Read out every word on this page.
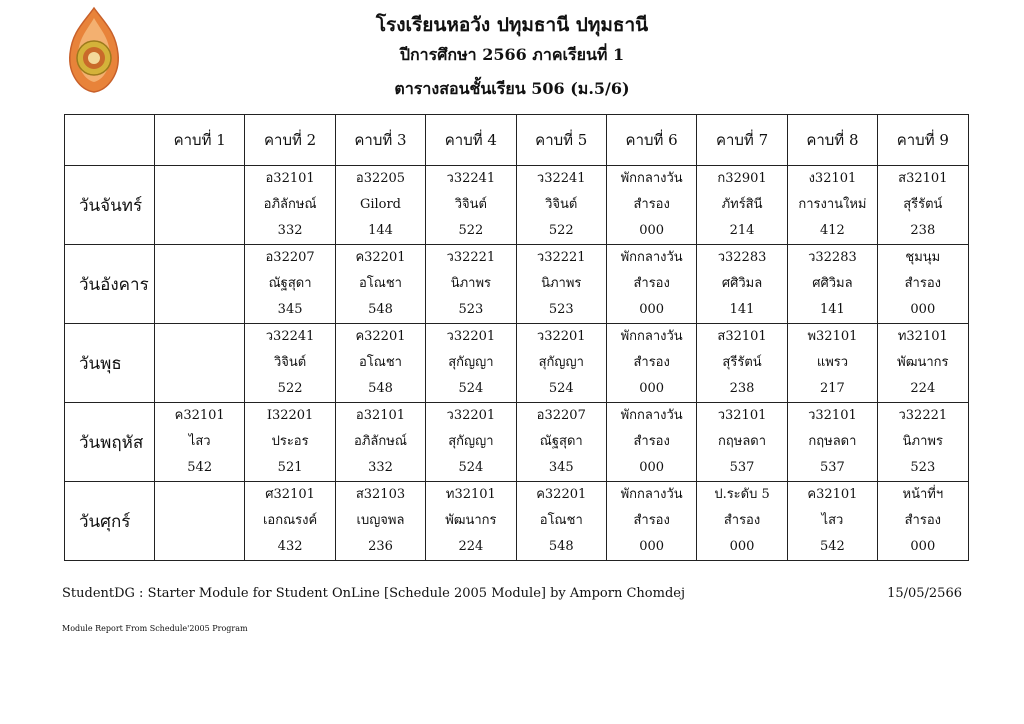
โรงเรียนหอวัง ปทุมธานี ปทุมธานี
ปีการศึกษา 2566 ภาคเรียนที่ 1
ตารางสอนชั้นเรียน 506 (ม.5/6)
	คาบที่ 1	คาบที่ 2	คาบที่ 3	คาบที่ 4	คาบที่ 5	คาบที่ 6	คาบที่ 7	คาบที่ 8	คาบที่ 9
วันจันทร์		อ32101
อภิลักษณ์
332	อ32205
Gilord
144	ว32241
วิจินต์
522	ว32241
วิจินต์
522	พักกลางวัน
สำรอง
000	ก32901
ภัทร์สินี
214	ง32101
การงานใหม่
412	ส32101
สุรีรัตน์
238

วันอังคาร		อ32207
ณัฐสุดา
345	ค32201
อโณชา
548	ว32221
นิภาพร
523	ว32221
นิภาพร
523	พักกลางวัน
สำรอง
000	ว32283
ศศิวิมล
141	ว32283
ศศิวิมล
141	ชุมนุม
สำรอง
000

วันพุธ		ว32241
วิจินต์
522	ค32201
อโณชา
548	ว32201
สุกัญญา
524	ว32201
สุกัญญา
524	พักกลางวัน
สำรอง
000	ส32101
สุรีรัตน์
238	พ32101
แพรว
217	ท32101
พัฒนากร
224

วันพฤหัส	ค32101
ไสว
542	I32201
ประอร
521	อ32101
อภิลักษณ์
332	ว32201
สุกัญญา
524	อ32207
ณัฐสุดา
345	พักกลางวัน
สำรอง
000	ว32101
กฤษลดา
537	ว32101
กฤษลดา
537	ว32221
นิภาพร
523

วันศุกร์		ศ32101
เอกณรงค์
432	ส32103
เบญจพล
236	ท32101
พัฒนากร
224	ค32201
อโณชา
548	พักกลางวัน
สำรอง
000	ป.ระดับ 5
สำรอง
000	ค32101
ไสว
542	หน้าที่ฯ
สำรอง
000
StudentDG : Starter Module for Student OnLine [Schedule 2005 Module] by Amporn Chomdej	15/05/2566
Module Report From Schedule'2005 Program
